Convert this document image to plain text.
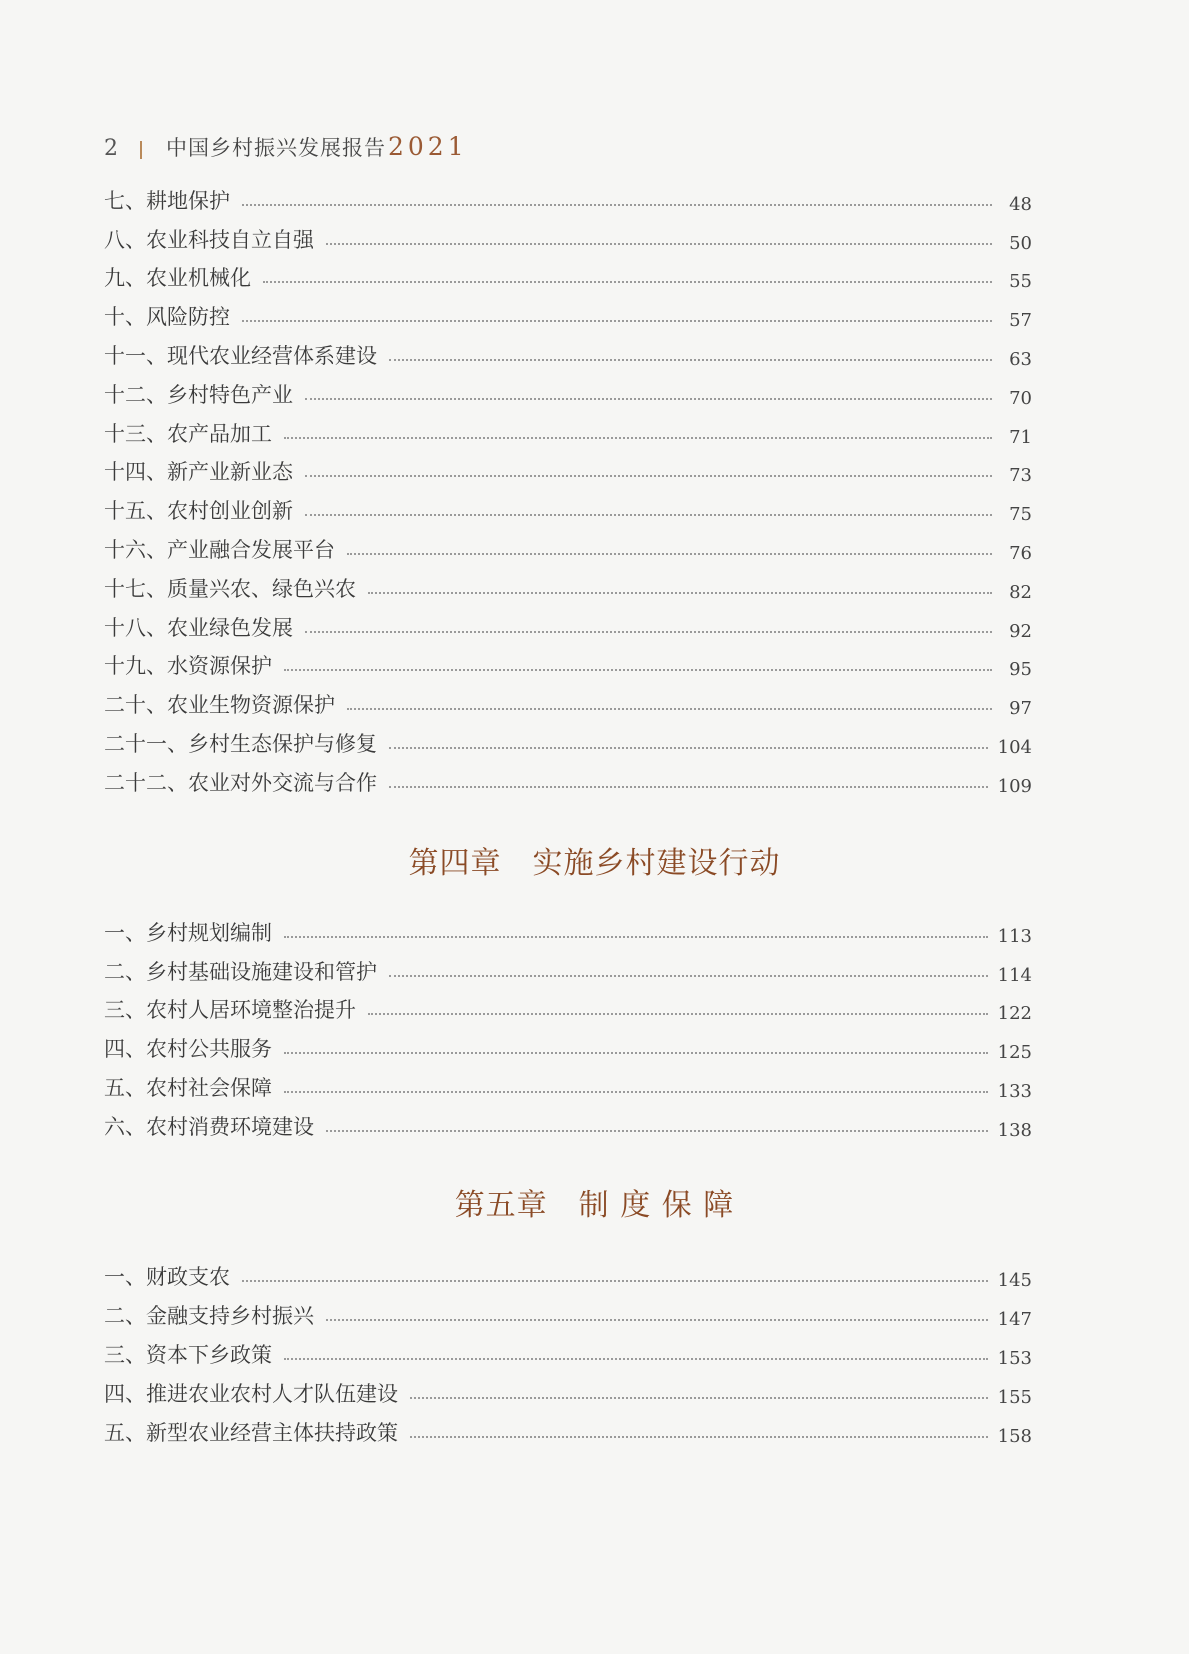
2 中国乡村振兴发展报告 2021
七、耕地保护	48
八、农业科技自立自强	50
九、农业机械化	55
十、风险防控	57
十一、现代农业经营体系建设	63
十二、乡村特色产业	70
十三、农产品加工	71
十四、新产业新业态	73
十五、农村创业创新	75
十六、产业融合发展平台	76
十七、质量兴农、绿色兴农	82
十八、农业绿色发展	92
十九、水资源保护	95
二十、农业生物资源保护	97
二十一、乡村生态保护与修复	104
二十二、农业对外交流与合作	109
第四章　实施乡村建设行动
一、乡村规划编制	113
二、乡村基础设施建设和管护	114
三、农村人居环境整治提升	122
四、农村公共服务	125
五、农村社会保障	133
六、农村消费环境建设	138
第五章　制 度 保 障
一、财政支农	145
二、金融支持乡村振兴	147
三、资本下乡政策	153
四、推进农业农村人才队伍建设	155
五、新型农业经营主体扶持政策	158
